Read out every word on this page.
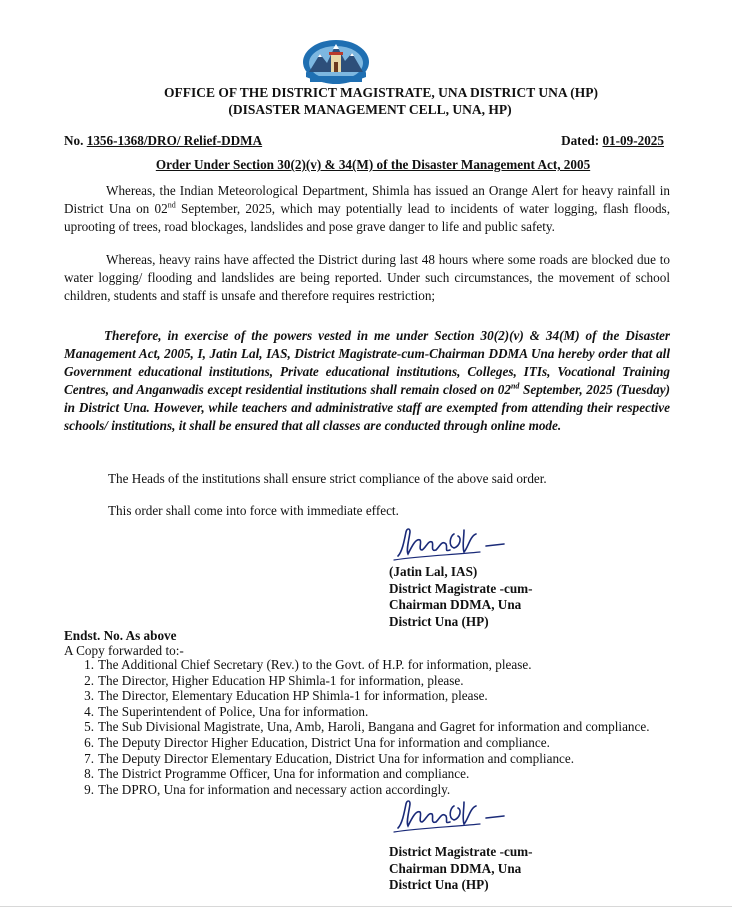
OFFICE OF THE DISTRICT MAGISTRATE, UNA DISTRICT UNA (HP)
(DISASTER MANAGEMENT CELL, UNA, HP)
No. 1356-1368/DRO/ Relief-DDMA	Dated: 01-09-2025
Order Under Section 30(2)(v) & 34(M) of the Disaster Management Act, 2005
Whereas, the Indian Meteorological Department, Shimla has issued an Orange Alert for heavy rainfall in District Una on 02nd September, 2025, which may potentially lead to incidents of water logging, flash floods, uprooting of trees, road blockages, landslides and pose grave danger to life and public safety.
Whereas, heavy rains have affected the District during last 48 hours where some roads are blocked due to water logging/ flooding and landslides are being reported. Under such circumstances, the movement of school children, students and staff is unsafe and therefore requires restriction;
Therefore, in exercise of the powers vested in me under Section 30(2)(v) & 34(M) of the Disaster Management Act, 2005, I, Jatin Lal, IAS, District Magistrate-cum-Chairman DDMA Una hereby order that all Government educational institutions, Private educational institutions, Colleges, ITIs, Vocational Training Centres, and Anganwadis except residential institutions shall remain closed on 02nd September, 2025 (Tuesday) in District Una. However, while teachers and administrative staff are exempted from attending their respective schools/ institutions, it shall be ensured that all classes are conducted through online mode.
The Heads of the institutions shall ensure strict compliance of the above said order.
This order shall come into force with immediate effect.
(Jatin Lal, IAS)
District Magistrate -cum-
Chairman DDMA, Una
District Una (HP)
Endst. No. As above
A Copy forwarded to:-
1. The Additional Chief Secretary (Rev.) to the Govt. of H.P. for information, please.
2. The Director, Higher Education HP Shimla-1 for information, please.
3. The Director, Elementary Education HP Shimla-1 for information, please.
4. The Superintendent of Police, Una for information.
5. The Sub Divisional Magistrate, Una, Amb, Haroli, Bangana and Gagret for information and compliance.
6. The Deputy Director Higher Education, District Una for information and compliance.
7. The Deputy Director Elementary Education, District Una for information and compliance.
8. The District Programme Officer, Una for information and compliance.
9. The DPRO, Una for information and necessary action accordingly.
District Magistrate -cum-
Chairman DDMA, Una
District Una (HP)
